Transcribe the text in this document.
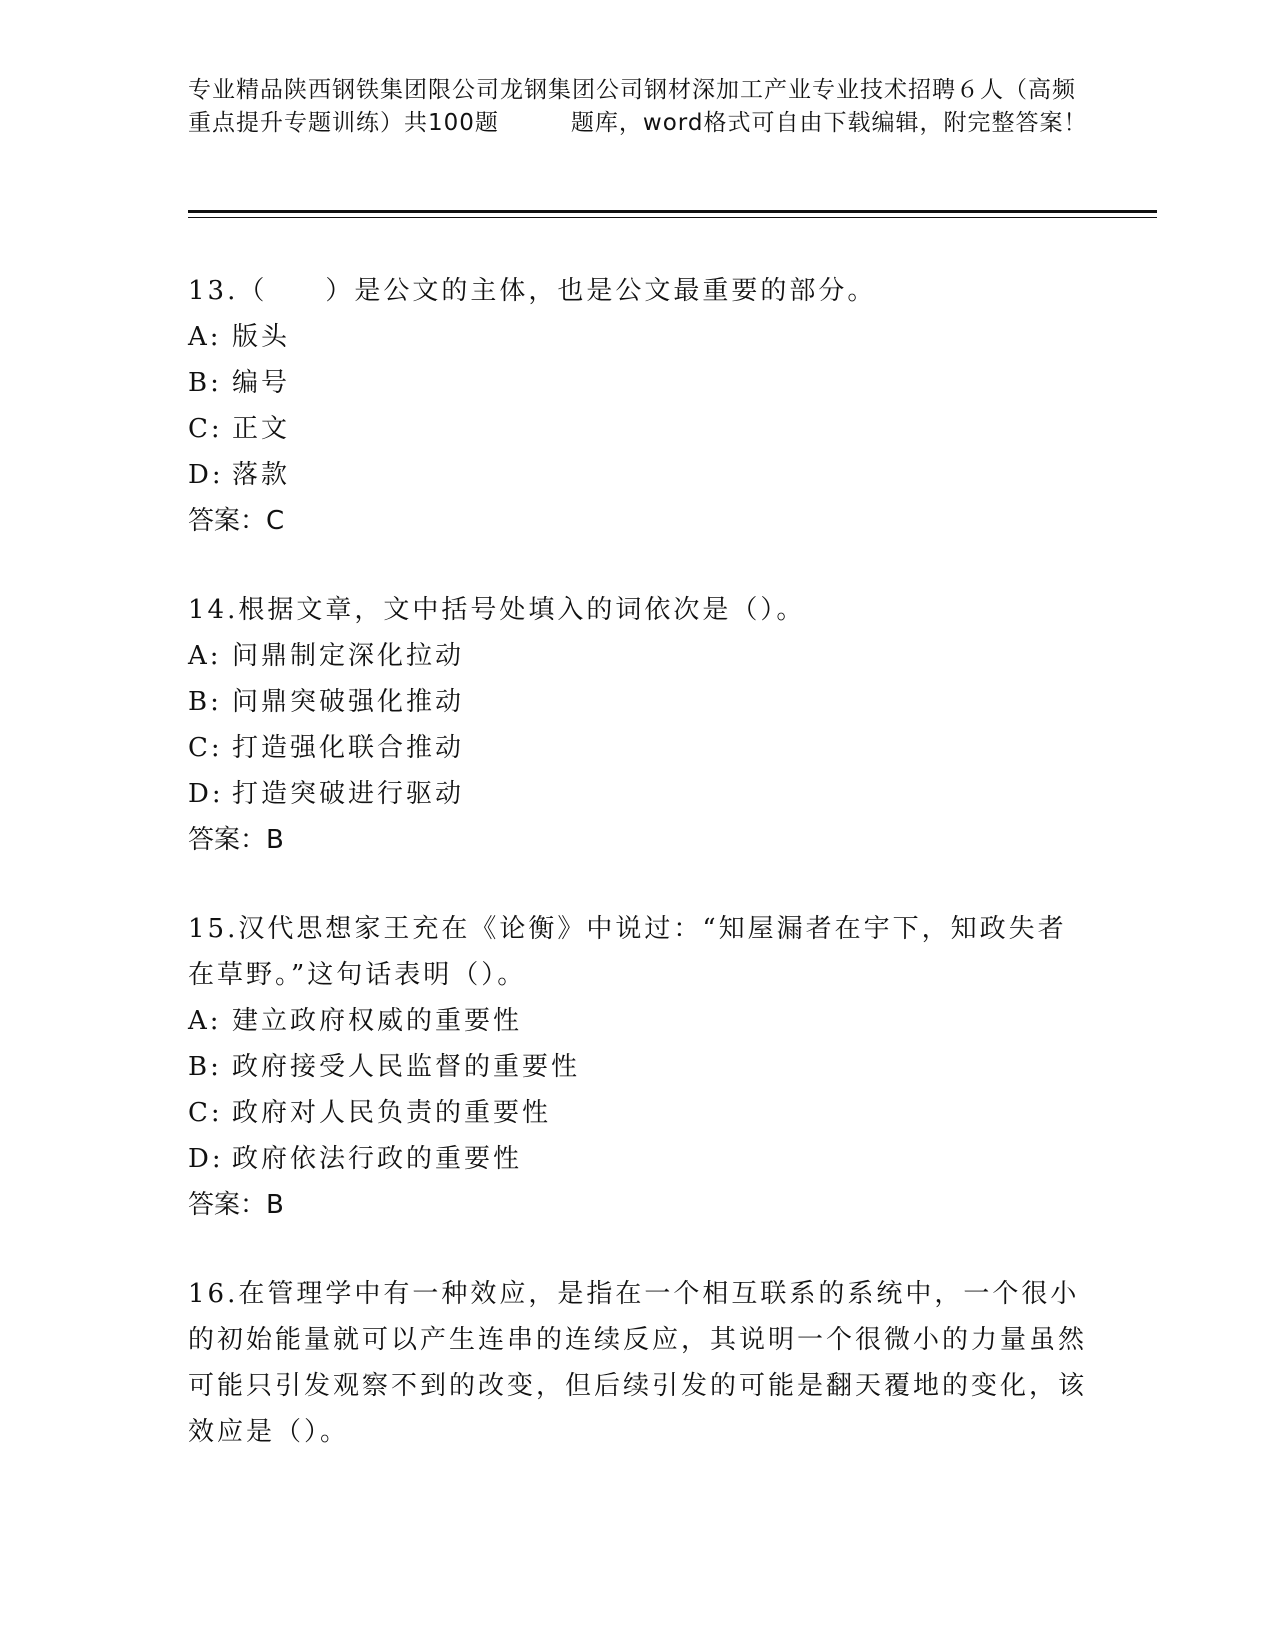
专业精品陕西钢铁集团限公司龙钢集团公司钢材深加工产业专业技术招聘６人（高频重点提升专题训练）共100题	题库，word格式可自由下载编辑，附完整答案！

13.（　　）是公文的主体，也是公文最重要的部分。

A: 版头

B: 编号

C: 正文

D: 落款

答案：C

14.根据文章，文中括号处填入的词依次是（）。

A: 问鼎制定深化拉动

B: 问鼎突破强化推动

C: 打造强化联合推动

D: 打造突破进行驱动

答案：B

15.汉代思想家王充在《论衡》中说过：“知屋漏者在宇下，知政失者在草野。”这句话表明（）。

A: 建立政府权威的重要性

B: 政府接受人民监督的重要性

C: 政府对人民负责的重要性

D: 政府依法行政的重要性

答案：B

16.在管理学中有一种效应，是指在一个相互联系的系统中，一个很小的初始能量就可以产生连串的连续反应，其说明一个很微小的力量虽然可能只引发观察不到的改变，但后续引发的可能是翻天覆地的变化，该效应是（）。
